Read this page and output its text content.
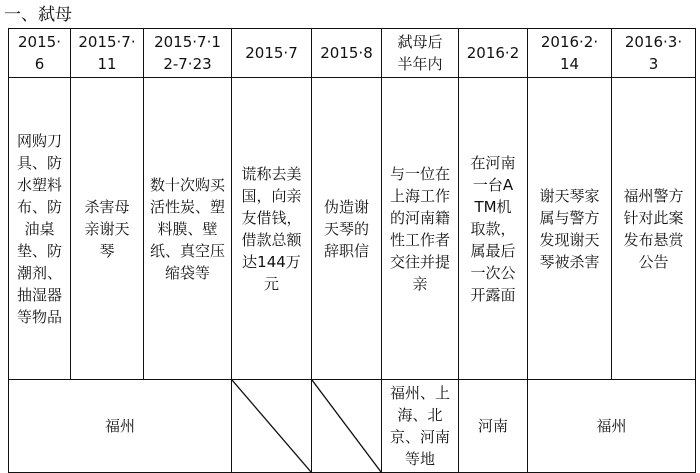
一、弑母
2015·6	2015·7·11	2015·7·12-7·23	2015·7	2015·8	弑母后半年内	2016·2	2016·2·14	2016·3·3
网购刀具、防水塑料布、防油桌垫、防潮剂、抽湿器等物品	杀害母亲谢天琴	数十次购买活性炭、塑料膜、壁纸、真空压缩袋等	谎称去美国，向亲友借钱，借款总额达144万元	伪造谢天琴的辞职信	与一位在上海工作的河南籍性工作者交往并提亲	在河南一台ATM机取款，属最后一次公开露面	谢天琴家属与警方发现谢天琴被杀害	福州警方针对此案发布悬赏公告
福州					福州、上海、北京、河南等地	河南	福州	
